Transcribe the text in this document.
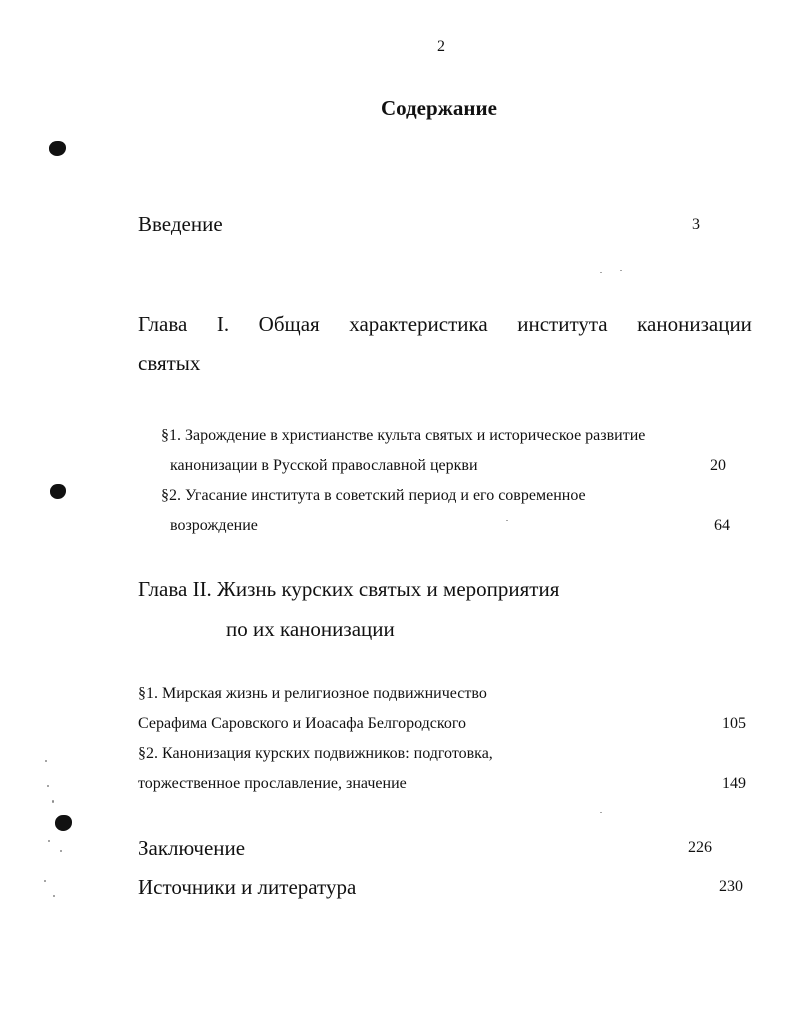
2
Содержание
Введение	3
Глава I. Общая характеристика института канонизации
святых
§1. Зарождение в христианстве культа святых и историческое развитие
канонизации в Русской православной церкви	20
§2. Угасание института в советский период и его современное
возрождение	64
Глава II. Жизнь курских святых и мероприятия
по их канонизации
§1. Мирская жизнь и религиозное подвижничество
Серафима Саровского и Иоасафа Белгородского	105
§2. Канонизация курских подвижников: подготовка,
торжественное прославление, значение	149
Заключение	226
Источники и литература	230
